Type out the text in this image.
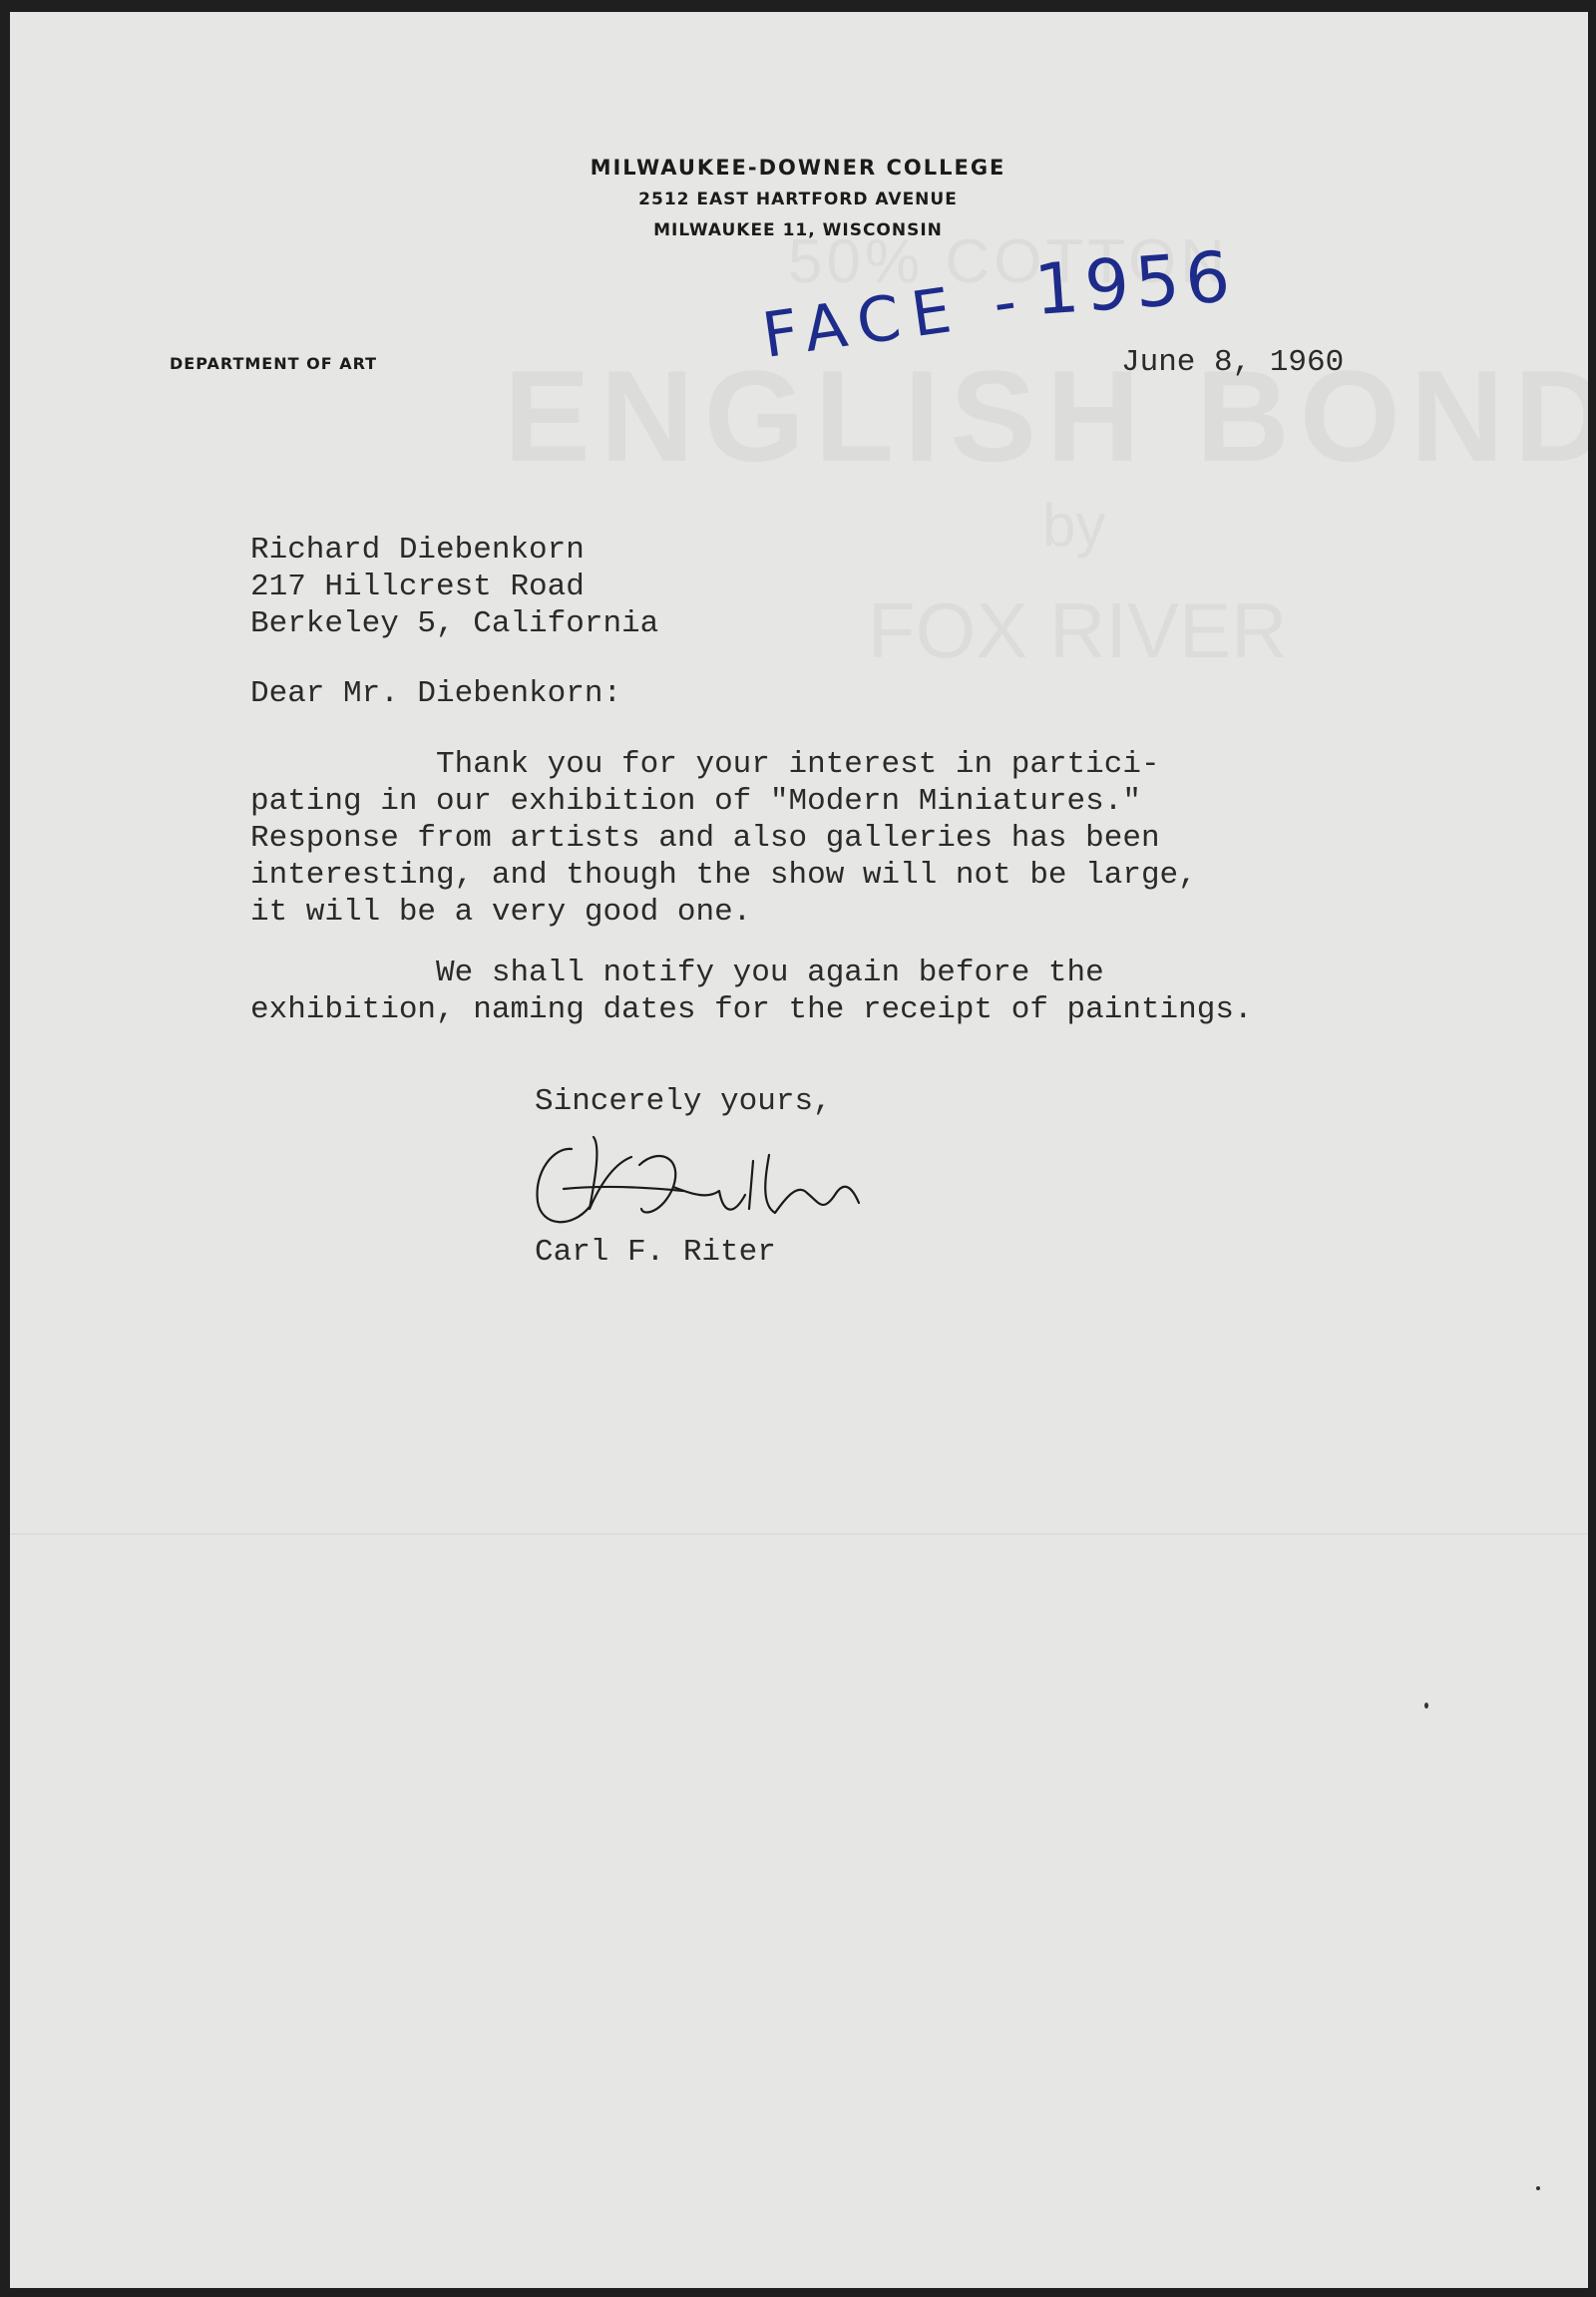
MILWAUKEE-DOWNER COLLEGE
2512 EAST HARTFORD AVENUE
MILWAUKEE 11, WISCONSIN
DEPARTMENT OF ART	FACE - 1956
June 8, 1960
Richard Diebenkorn
217 Hillcrest Road
Berkeley 5, California
Dear Mr. Diebenkorn:
Thank you for your interest in partici-
pating in our exhibition of "Modern Miniatures."
Response from artists and also galleries has been
interesting, and though the show will not be large,
it will be a very good one.
We shall notify you again before the
exhibition, naming dates for the receipt of paintings.
Sincerely yours,
Carl F. Riter
